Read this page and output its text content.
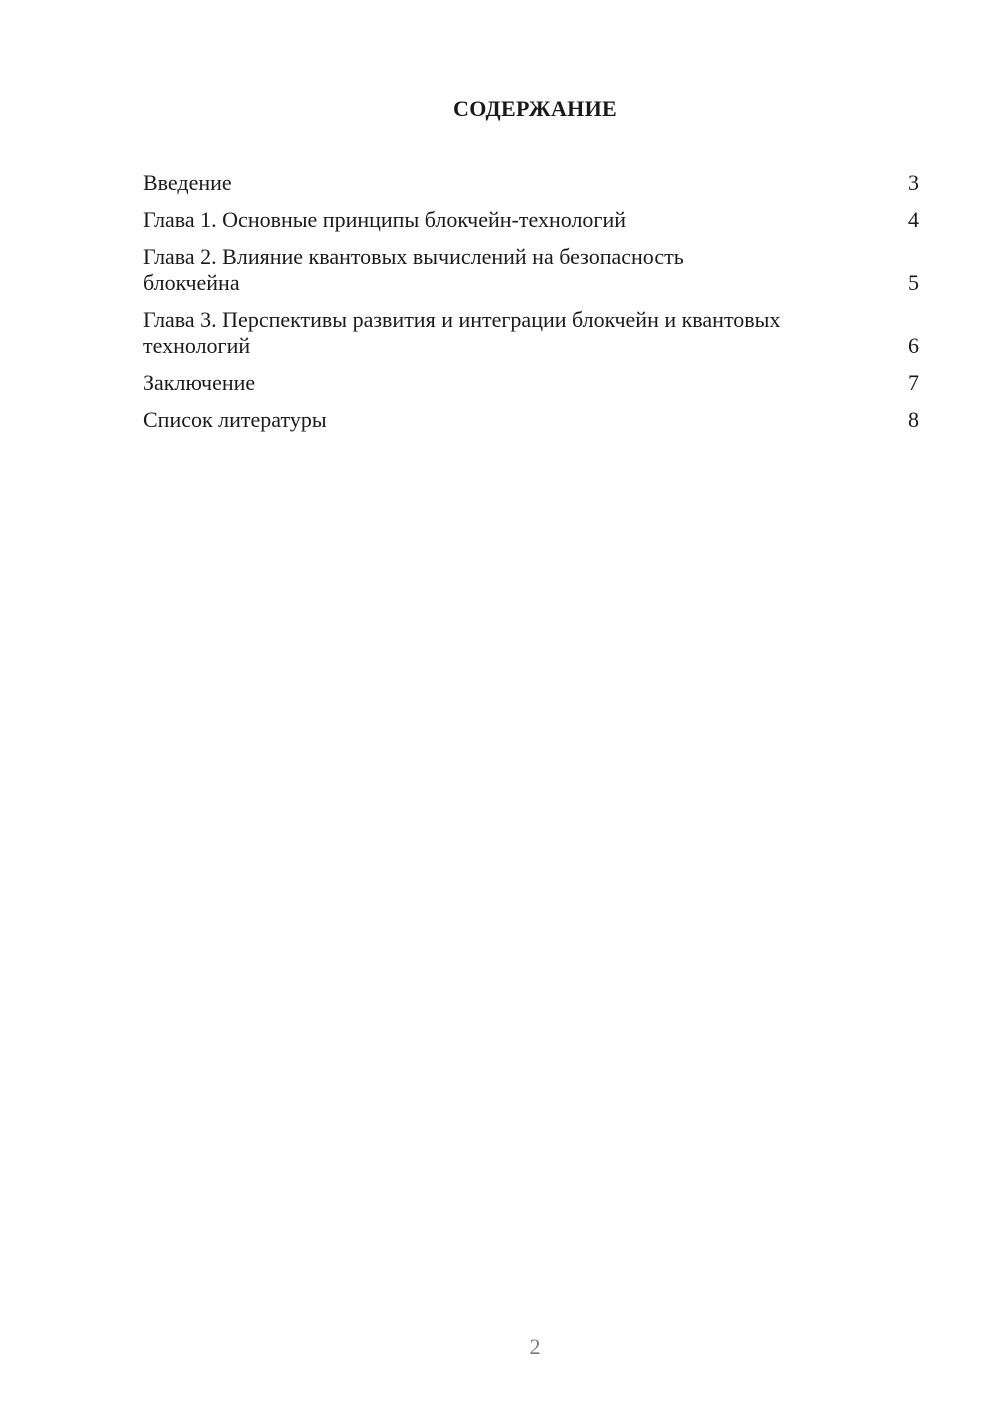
СОДЕРЖАНИЕ
Введение	3
Глава 1. Основные принципы блокчейн-технологий	4
Глава 2. Влияние квантовых вычислений на безопасность блокчейна	5
Глава 3. Перспективы развития и интеграции блокчейн и квантовых технологий	6
Заключение	7
Список литературы	8
2
